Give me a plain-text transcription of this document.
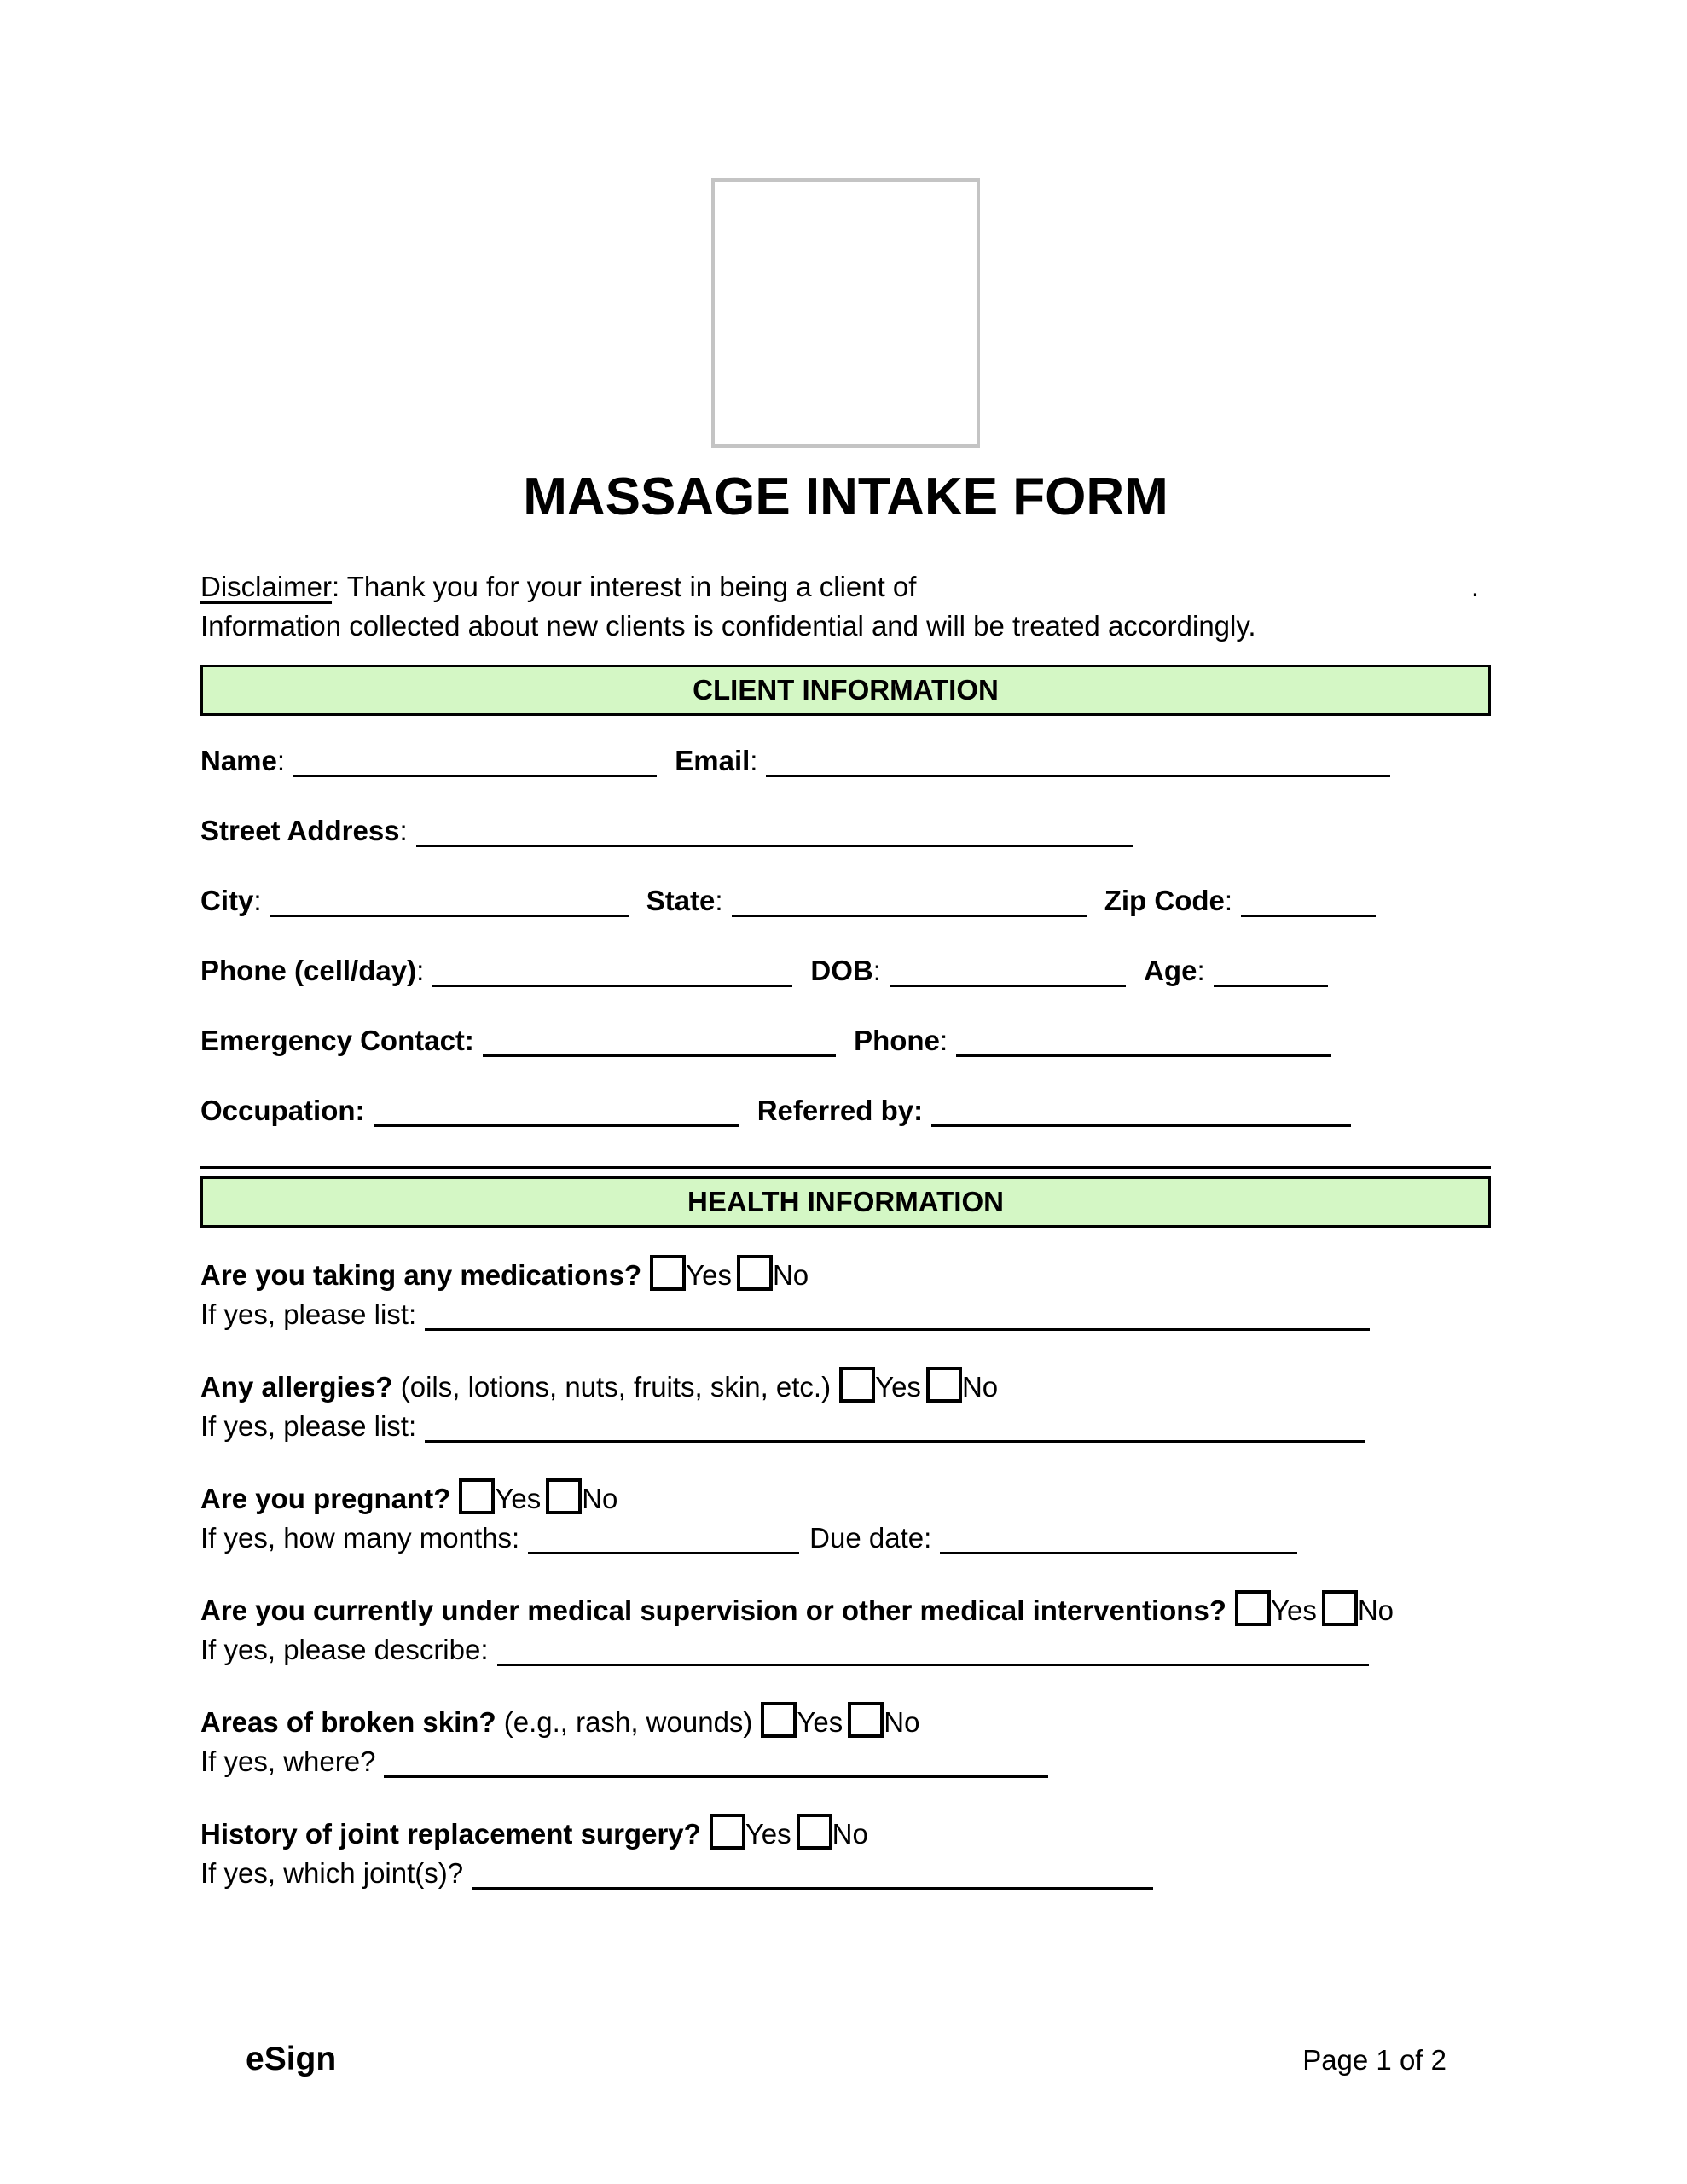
MASSAGE INTAKE FORM
Disclaimer: Thank you for your interest in being a client of	.
Information collected about new clients is confidential and will be treated accordingly.
CLIENT INFORMATION
Name:	Email:
Street Address:
City:	State:	Zip Code:
Phone (cell/day):	DOB:	Age:
Emergency Contact:	Phone:
Occupation:	Referred by:
HEALTH INFORMATION
Are you taking any medications? Yes No
If yes, please list:
Any allergies? (oils, lotions, nuts, fruits, skin, etc.) Yes No
If yes, please list:
Are you pregnant? Yes No
If yes, how many months:	Due date:
Are you currently under medical supervision or other medical interventions? Yes No
If yes, please describe:
Areas of broken skin? (e.g., rash, wounds) Yes No
If yes, where?
History of joint replacement surgery? Yes No
If yes, which joint(s)?
eSign	Page 1 of 2
